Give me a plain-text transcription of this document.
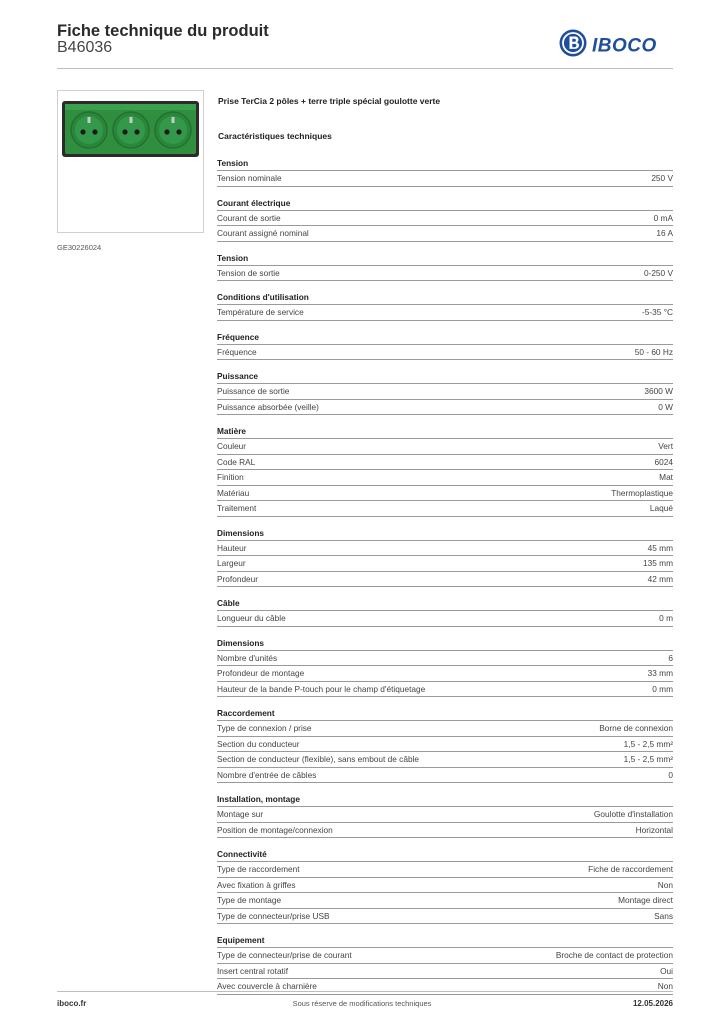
Fiche technique du produit
B46036	IBOCO
GE30226024
Prise TerCia 2 pôles + terre triple spécial goulotte verte
Caractéristiques techniques
Tension
Tension nominale	250 V
Courant électrique
Courant de sortie	0 mA
Courant assigné nominal	16 A
Tension
Tension de sortie	0-250 V
Conditions d'utilisation
Température de service	-5-35 °C
Fréquence
Fréquence	50 - 60 Hz
Puissance
Puissance de sortie	3600 W
Puissance absorbée (veille)	0 W
Matière
Couleur	Vert
Code RAL	6024
Finition	Mat
Matériau	Thermoplastique
Traitement	Laqué
Dimensions
Hauteur	45 mm
Largeur	135 mm
Profondeur	42 mm
Câble
Longueur du câble	0 m
Dimensions
Nombre d'unités	6
Profondeur de montage	33 mm
Hauteur de la bande P-touch pour le champ d'étiquetage	0 mm
Raccordement
Type de connexion / prise	Borne de connexion
Section du conducteur	1,5 - 2,5 mm²
Section de conducteur (flexible), sans embout de câble	1,5 - 2,5 mm²
Nombre d'entrée de câbles	0
Installation, montage
Montage sur	Goulotte d'installation
Position de montage/connexion	Horizontal
Connectivité
Type de raccordement	Fiche de raccordement
Avec fixation à griffes	Non
Type de montage	Montage direct
Type de connecteur/prise USB	Sans
Equipement
Type de connecteur/prise de courant	Broche de contact de protection
Insert central rotatif	Oui
Avec couvercle à charnière	Non
iboco.fr	Sous réserve de modifications techniques	12.05.2026
